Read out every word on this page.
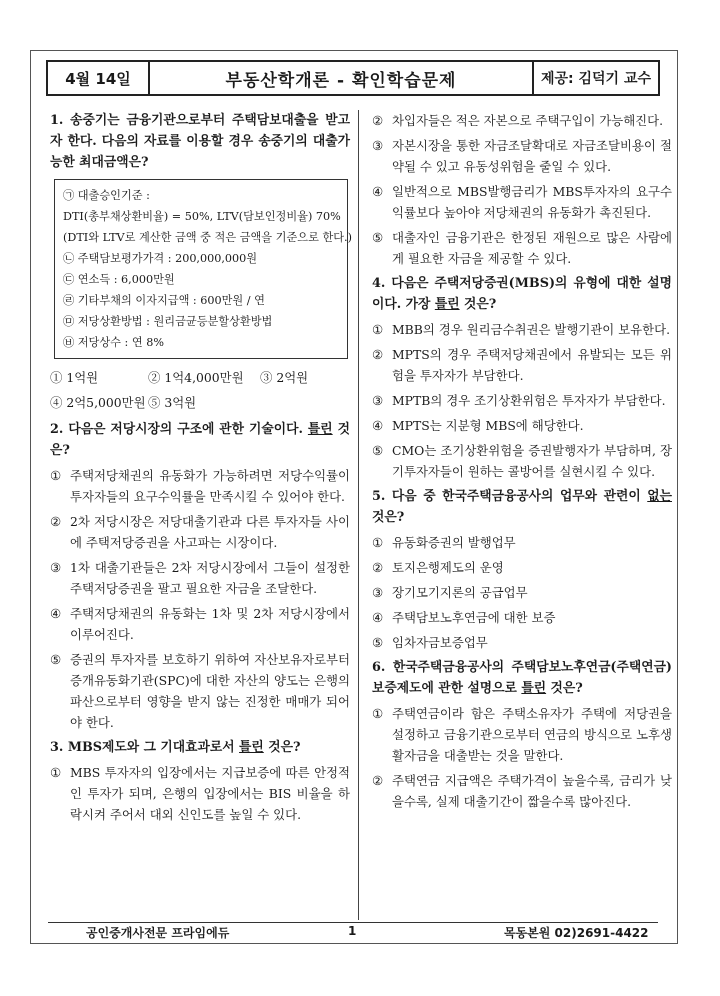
4월 14일	부동산학개론 - 확인학습문제	제공: 김덕기 교수
1. 송중기는 금융기관으로부터 주택담보대출을 받고자 한다. 다음의 자료를 이용할 경우 송중기의 대출가능한 최대금액은?
㉠ 대출승인기준 :
DTI(총부채상환비율) = 50%, LTV(담보인정비율) 70%
(DTI와 LTV로 계산한 금액 중 적은 금액을 기준으로 한다.)
㉡ 주택담보평가가격 : 200,000,000원
㉢ 연소득 : 6,000만원
㉣ 기타부채의 이자지급액 : 600만원 / 연
㉤ 저당상환방법 : 원리금균등분할상환방법
㉥ 저당상수 : 연 8%
① 1억원	② 1억4,000만원	③ 2억원
④ 2억5,000만원 ⑤ 3억원
2. 다음은 저당시장의 구조에 관한 기술이다. 틀린 것은?
① 주택저당채권의 유동화가 가능하려면 저당수익률이 투자자들의 요구수익률을 만족시킬 수 있어야 한다.
② 2차 저당시장은 저당대출기관과 다른 투자자들 사이에 주택저당증권을 사고파는 시장이다.
③ 1차 대출기관들은 2차 저당시장에서 그들이 설정한 주택저당증권을 팔고 필요한 자금을 조달한다.
④ 주택저당채권의 유동화는 1차 및 2차 저당시장에서 이루어진다.
⑤ 증권의 투자자를 보호하기 위하여 자산보유자로부터 증개유동화기관(SPC)에 대한 자산의 양도는 은행의 파산으로부터 영향을 받지 않는 진정한 매매가 되어야 한다.
3. MBS제도와 그 기대효과로서 틀린 것은?
① MBS 투자자의 입장에서는 지급보증에 따른 안정적인 투자가 되며, 은행의 입장에서는 BIS 비율을 하락시켜 주어서 대외 신인도를 높일 수 있다.
② 차입자들은 적은 자본으로 주택구입이 가능해진다.
③ 자본시장을 통한 자금조달확대로 자금조달비용이 절약될 수 있고 유동성위험을 줄일 수 있다.
④ 일반적으로 MBS발행금리가 MBS투자자의 요구수익률보다 높아야 저당채권의 유동화가 촉진된다.
⑤ 대출자인 금융기관은 한정된 재원으로 많은 사람에게 필요한 자금을 제공할 수 있다.
4. 다음은 주택저당증권(MBS)의 유형에 대한 설명이다. 가장 틀린 것은?
① MBB의 경우 원리금수취권은 발행기관이 보유한다.
② MPTS의 경우 주택저당채권에서 유발되는 모든 위험을 투자자가 부담한다.
③ MPTB의 경우 조기상환위험은 투자자가 부담한다.
④ MPTS는 지분형 MBS에 해당한다.
⑤ CMO는 조기상환위험을 증권발행자가 부담하며, 장기투자자들이 원하는 콜방어를 실현시킬 수 있다.
5. 다음 중 한국주택금융공사의 업무와 관련이 없는 것은?
① 유동화증권의 발행업무
② 토지은행제도의 운영
③ 장기모기지론의 공급업무
④ 주택담보노후연금에 대한 보증
⑤ 임차자금보증업무
6. 한국주택금융공사의 주택담보노후연금(주택연금)보증제도에 관한 설명으로 틀린 것은?
① 주택연금이라 함은 주택소유자가 주택에 저당권을 설정하고 금융기관으로부터 연금의 방식으로 노후생활자금을 대출받는 것을 말한다.
② 주택연금 지급액은 주택가격이 높을수록, 금리가 낮을수록, 실제 대출기간이 짧을수록 많아진다.
공인중개사전문 프라임에듀	1	목동본원 02)2691-4422
